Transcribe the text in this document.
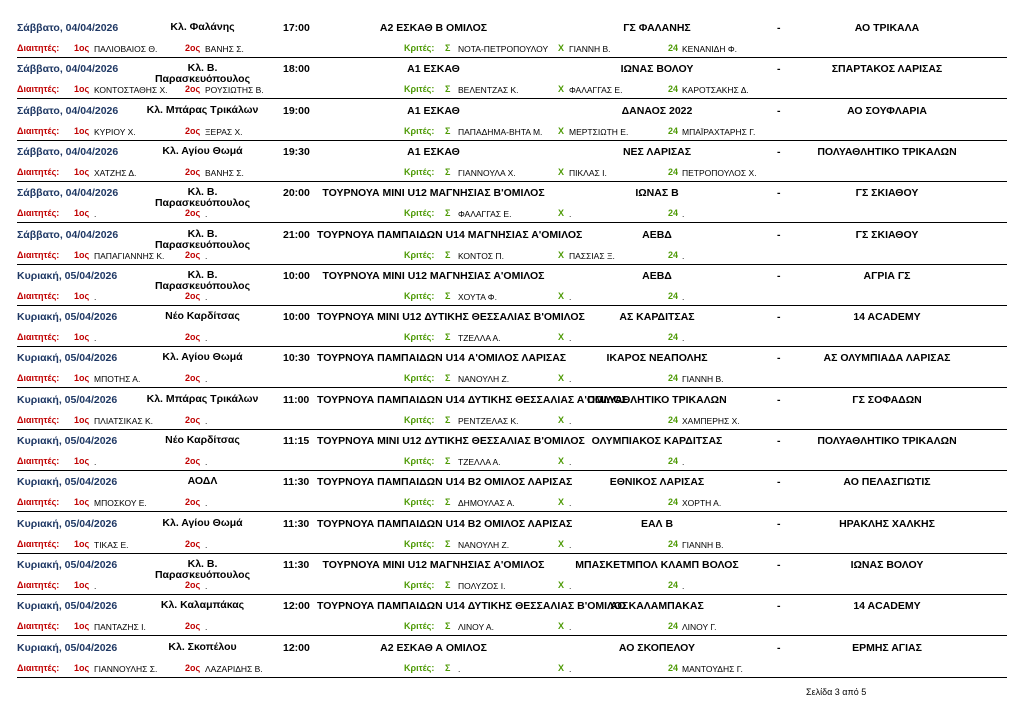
Σάββατο, 04/04/2026	Κλ. Φαλάνης	17:00	Α2 ΕΣΚΑΘ Β ΟΜΙΛΟΣ	ΓΣ ΦΑΛΑΝΗΣ	-	ΑΟ ΤΡΙΚΑΛΑ
Διαιτητές:	1ος ΠΑΛΙΟΒΑΙΟΣ Θ.	2ος ΒΑΝΗΣ Σ.	Κριτές:	Σ ΝΟΤΑ-ΠΕΤΡΟΠΟΥΛΟΥ	Χ ΓΙΑΝΝΗ Β.	24 ΚΕΝΑΝΙΔΗ Φ.
Σάββατο, 04/04/2026	Κλ. Β. Παρασκευόπουλος
18:00	Α1 ΕΣΚΑΘ	ΙΩΝΑΣ ΒΟΛΟΥ	-	ΣΠΑΡΤΑΚΟΣ ΛΑΡΙΣΑΣ
Διαιτητές:	1ος ΚΟΝΤΟΣΤΑΘΗΣ Χ.	2ος ΡΟΥΣΙΩΤΗΣ Β.	Κριτές:	Σ ΒΕΛΕΝΤΖΑΣ Κ.	Χ ΦΑΛΑΓΓΑΣ Ε.	24 ΚΑΡΟΤΣΑΚΗΣ Δ.
Σάββατο, 04/04/2026	Κλ. Μπάρας Τρικάλων 19:00	Α1 ΕΣΚΑΘ	ΔΑΝΑΟΣ 2022	-	ΑΟ ΣΟΥΦΛΑΡΙΑ
Διαιτητές:	1ος ΚΥΡΙΟΥ Χ.	2ος ΞΕΡΑΣ Χ.	Κριτές:	Σ ΠΑΠΑΔΗΜΑ-ΒΗΤΑ Μ.	Χ ΜΕΡΤΣΙΩΤΗ Ε.	24 ΜΠΑΪΡΑΧΤΑΡΗΣ Γ.
Σάββατο, 04/04/2026	Κλ. Αγίου Θωμά	19:30	Α1 ΕΣΚΑΘ	ΝΕΣ ΛΑΡΙΣΑΣ	-	ΠΟΛΥΑΘΛΗΤΙΚΟ ΤΡΙΚΑΛΩΝ
Διαιτητές:	1ος ΧΑΤΖΗΣ Δ.	2ος ΒΑΝΗΣ Σ.	Κριτές:	Σ ΓΙΑΝΝΟΥΛΑ Χ.	Χ ΠΙΚΛΑΣ Ι.	24 ΠΕΤΡΟΠΟΥΛΟΣ Χ.
Σάββατο, 04/04/2026	Κλ. Β. Παρασκευόπουλος
20:00	ΤΟΥΡΝΟΥΑ ΜΙΝΙ U12 ΜΑΓΝΗΣΙΑΣ Β'ΟΜΙΛΟΣ	ΙΩΝΑΣ Β	-	ΓΣ ΣΚΙΑΘΟΥ
Διαιτητές:	1ος .	2ος .	Κριτές:	Σ ΦΑΛΑΓΓΑΣ Ε.	Χ .	24 .
Σάββατο, 04/04/2026	Κλ. Β. Παρασκευόπουλος
21:00 ΤΟΥΡΝΟΥΑ ΠΑΜΠΑΙΔΩΝ U14 ΜΑΓΝΗΣΙΑΣ Α'ΟΜΙΛΟΣ	ΑΕΒΔ	-	ΓΣ ΣΚΙΑΘΟΥ
Διαιτητές:	1ος ΠΑΠΑΓΙΑΝΝΗΣ Κ.	2ος .	Κριτές:	Σ ΚΟΝΤΟΣ Π.	Χ ΠΑΣΣΙΑΣ Ξ.	24 .
Κυριακή, 05/04/2026	Κλ. Β. Παρασκευόπουλος
10:00	ΤΟΥΡΝΟΥΑ ΜΙΝΙ U12 ΜΑΓΝΗΣΙΑΣ Α'ΟΜΙΛΟΣ	ΑΕΒΔ	-	ΑΓΡΙΑ ΓΣ
Διαιτητές:	1ος .	2ος .	Κριτές:	Σ ΧΟΥΤΑ Φ.	Χ .	24 .
Κυριακή, 05/04/2026	Νέο Καρδίτσας	10:00 ΤΟΥΡΝΟΥΑ ΜΙΝΙ U12 ΔΥΤΙΚΗΣ ΘΕΣΣΑΛΙΑΣ Β'ΟΜΙΛΟΣ	ΑΣ ΚΑΡΔΙΤΣΑΣ	-	14 ACADEMY
Διαιτητές:	1ος .	2ος .	Κριτές:	Σ ΤΖΕΛΛΑ Α.	Χ .	24 .
Κυριακή, 05/04/2026	Κλ. Αγίου Θωμά	10:30 ΤΟΥΡΝΟΥΑ ΠΑΜΠΑΙΔΩΝ U14 Α'ΟΜΙΛΟΣ ΛΑΡΙΣΑΣ	ΙΚΑΡΟΣ ΝΕΑΠΟΛΗΣ	-	ΑΣ ΟΛΥΜΠΙΑΔΑ ΛΑΡΙΣΑΣ
Διαιτητές:	1ος ΜΠΟΤΗΣ Α.	2ος .	Κριτές:	Σ ΝΑΝΟΥΛΗ Ζ.	Χ .	24 ΓΙΑΝΝΗ Β.
Κυριακή, 05/04/2026	Κλ. Μπάρας Τρικάλων 11:00 ΤΟΥΡΝΟΥΑ ΠΑΜΠΑΙΔΩΝ U14 ΔΥΤΙΚΗΣ ΘΕΣΣΑΛΙΑΣ Α'ΟΜΙΛΟΣ
ΠΟΛΥΑΘΛΗΤΙΚΟ ΤΡΙΚΑΛΩΝ	-	ΓΣ ΣΟΦΑΔΩΝ
Διαιτητές:	1ος ΠΛΙΑΤΣΙΚΑΣ Κ.	2ος .	Κριτές:	Σ ΡΕΝΤΖΕΛΑΣ Κ.	Χ .	24 ΧΑΜΠΕΡΗΣ Χ.
Κυριακή, 05/04/2026	Νέο Καρδίτσας	11:15 ΤΟΥΡΝΟΥΑ ΜΙΝΙ U12 ΔΥΤΙΚΗΣ ΘΕΣΣΑΛΙΑΣ Β'ΟΜΙΛΟΣ ΟΛΥΜΠΙΑΚΟΣ ΚΑΡΔΙΤΣΑΣ	-	ΠΟΛΥΑΘΛΗΤΙΚΟ ΤΡΙΚΑΛΩΝ
Διαιτητές:	1ος .	2ος .	Κριτές:	Σ ΤΖΕΛΛΑ Α.	Χ .	24 .
Κυριακή, 05/04/2026	ΑΟΔΛ	11:30 ΤΟΥΡΝΟΥΑ ΠΑΜΠΑΙΔΩΝ U14 Β2 ΟΜΙΛΟΣ ΛΑΡΙΣΑΣ	ΕΘΝΙΚΟΣ ΛΑΡΙΣΑΣ	-	ΑΟ ΠΕΛΑΣΓΙΩΤΙΣ
Διαιτητές:	1ος ΜΠΟΣΚΟΥ Ε.	2ος .	Κριτές:	Σ ΔΗΜΟΥΛΑΣ Α.	Χ .	24 ΧΟΡΤΗ Α.
Κυριακή, 05/04/2026	Κλ. Αγίου Θωμά	11:30 ΤΟΥΡΝΟΥΑ ΠΑΜΠΑΙΔΩΝ U14 Β2 ΟΜΙΛΟΣ ΛΑΡΙΣΑΣ	ΕΑΛ Β	-	ΗΡΑΚΛΗΣ ΧΑΛΚΗΣ
Διαιτητές:	1ος ΤΙΚΑΣ Ε.	2ος .	Κριτές:	Σ ΝΑΝΟΥΛΗ Ζ.	Χ .	24 ΓΙΑΝΝΗ Β.
Κυριακή, 05/04/2026	Κλ. Β. Παρασκευόπουλος
11:30	ΤΟΥΡΝΟΥΑ ΜΙΝΙ U12 ΜΑΓΝΗΣΙΑΣ Α'ΟΜΙΛΟΣ	ΜΠΑΣΚΕΤΜΠΟΛ ΚΛΑΜΠ ΒΟΛΟΣ	-	ΙΩΝΑΣ ΒΟΛΟΥ
Διαιτητές:	1ος .	2ος .	Κριτές:	Σ ΠΟΛΥΖΟΣ Ι.	Χ .	24 .
Κυριακή, 05/04/2026	Κλ. Καλαμπάκας	12:00 ΤΟΥΡΝΟΥΑ ΠΑΜΠΑΙΔΩΝ U14 ΔΥΤΙΚΗΣ ΘΕΣΣΑΛΙΑΣ Β'ΟΜΙΛΟΣ
ΑΟ ΚΑΛΑΜΠΑΚΑΣ	-	14 ACADEMY
Διαιτητές:	1ος ΠΑΝΤΑΖΗΣ Ι.	2ος .	Κριτές:	Σ ΛΙΝΟΥ Α.	Χ .	24 ΛΙΝΟΥ Γ.
Κυριακή, 05/04/2026	Κλ. Σκοπέλου	12:00	Α2 ΕΣΚΑΘ Α ΟΜΙΛΟΣ	ΑΟ ΣΚΟΠΕΛΟΥ	-	ΕΡΜΗΣ ΑΓΙΑΣ
Διαιτητές:	1ος ΓΙΑΝΝΟΥΛΗΣ Σ.	2ος ΛΑΖΑΡΙΔΗΣ Β.	Κριτές:	Σ .	Χ .	24 ΜΑΝΤΟΥΔΗΣ Γ.
Σελίδα 3 από 5
